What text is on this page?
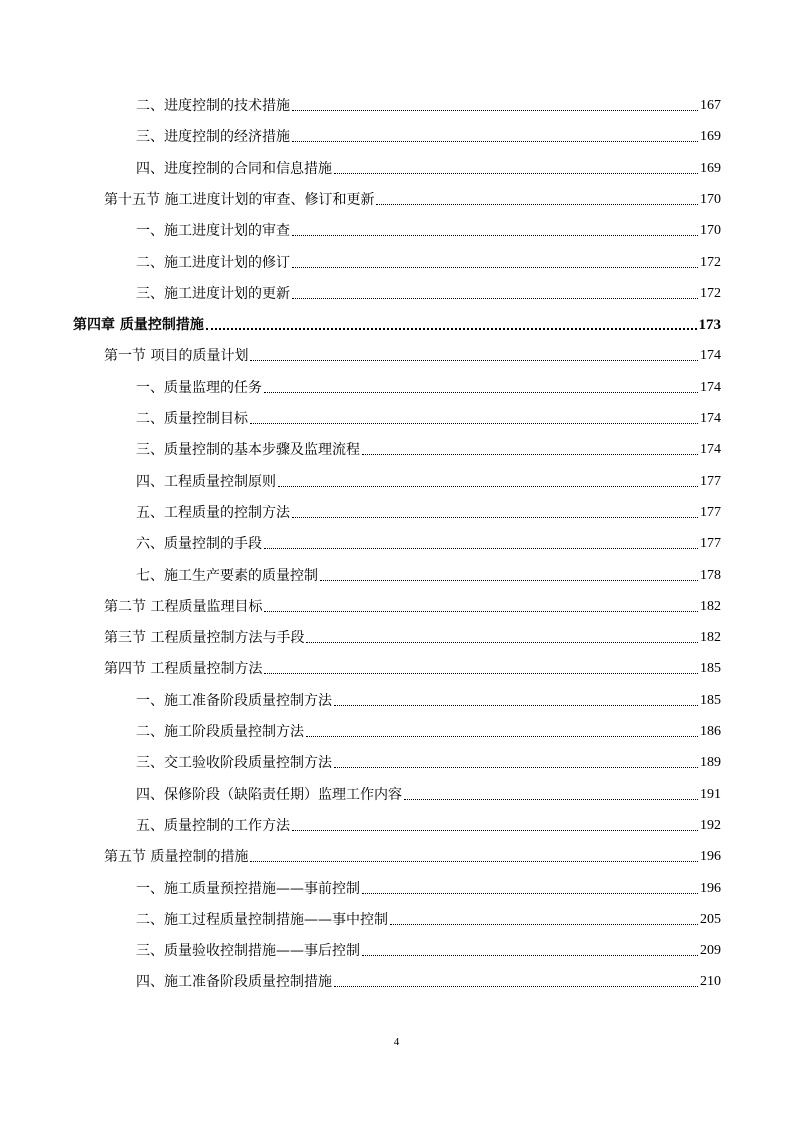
二、进度控制的技术措施	167
三、进度控制的经济措施	169
四、进度控制的合同和信息措施	169
第十五节 施工进度计划的审查、修订和更新	170
一、施工进度计划的审查	170
二、施工进度计划的修订	172
三、施工进度计划的更新	172
第四章 质量控制措施	173
第一节 项目的质量计划	174
一、质量监理的任务	174
二、质量控制目标	174
三、质量控制的基本步骤及监理流程	174
四、工程质量控制原则	177
五、工程质量的控制方法	177
六、质量控制的手段	177
七、施工生产要素的质量控制	178
第二节 工程质量监理目标	182
第三节 工程质量控制方法与手段	182
第四节 工程质量控制方法	185
一、施工准备阶段质量控制方法	185
二、施工阶段质量控制方法	186
三、交工验收阶段质量控制方法	189
四、保修阶段（缺陷责任期）监理工作内容	191
五、质量控制的工作方法	192
第五节 质量控制的措施	196
一、施工质量预控措施——事前控制	196
二、施工过程质量控制措施——事中控制	205
三、质量验收控制措施——事后控制	209
四、施工准备阶段质量控制措施	210
4
